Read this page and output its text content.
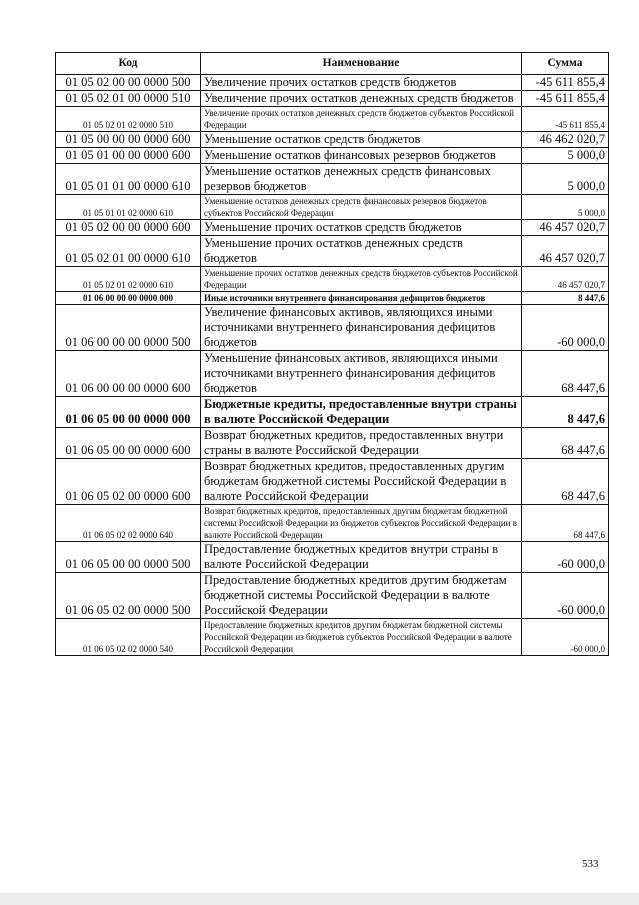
Код	Наименование	Сумма
01 05 02 00 00 0000 500	Увеличение прочих остатков средств бюджетов	-45 611 855,4
01 05 02 01 00 0000 510	Увеличение прочих остатков денежных средств бюджетов	-45 611 855,4
01 05 02 01 02 0000 510	Увеличение прочих остатков денежных средств бюджетов субъектов Российской Федерации	-45 611 855,4
01 05 00 00 00 0000 600	Уменьшение остатков средств бюджетов	46 462 020,7
01 05 01 00 00 0000 600	Уменьшение остатков финансовых резервов бюджетов	5 000,0
01 05 01 01 00 0000 610	Уменьшение остатков денежных средств финансовых резервов бюджетов	5 000,0
01 05 01 01 02 0000 610	Уменьшение остатков денежных средств финансовых резервов бюджетов субъектов Российской Федерации	5 000,0
01 05 02 00 00 0000 600	Уменьшение прочих остатков средств бюджетов	46 457 020,7
01 05 02 01 00 0000 610	Уменьшение прочих остатков денежных средств бюджетов	46 457 020,7
01 05 02 01 02 0000 610	Уменьшение прочих остатков денежных средств бюджетов субъектов Российской Федерации	46 457 020,7
01 06 00 00 00 0000 000	Иные источники внутреннего финансирования дефицитов бюджетов	8 447,6
01 06 00 00 00 0000 500	Увеличение финансовых активов, являющихся иными источниками внутреннего финансирования дефицитов бюджетов	-60 000,0
01 06 00 00 00 0000 600	Уменьшение финансовых активов, являющихся иными источниками внутреннего финансирования дефицитов бюджетов	68 447,6
01 06 05 00 00 0000 000	Бюджетные кредиты, предоставленные внутри страны в валюте Российской Федерации	8 447,6
01 06 05 00 00 0000 600	Возврат бюджетных кредитов, предоставленных внутри страны в валюте Российской Федерации	68 447,6
01 06 05 02 00 0000 600	Возврат бюджетных кредитов, предоставленных другим бюджетам бюджетной системы Российской Федерации в валюте Российской Федерации	68 447,6
01 06 05 02 02 0000 640	Возврат бюджетных кредитов, предоставленных другим бюджетам бюджетной системы Российской Федерации из бюджетов субъектов Российской Федерации в валюте Российской Федерации	68 447,6
01 06 05 00 00 0000 500	Предоставление бюджетных кредитов внутри страны в валюте Российской Федерации	-60 000,0
01 06 05 02 00 0000 500	Предоставление бюджетных кредитов другим бюджетам бюджетной системы Российской Федерации в валюте Российской Федерации	-60 000,0
01 06 05 02 02 0000 540	Предоставление бюджетных кредитов другим бюджетам бюджетной системы Российской Федерации из бюджетов субъектов Российской Федерации в валюте Российской Федерации	-60 000,0
533
